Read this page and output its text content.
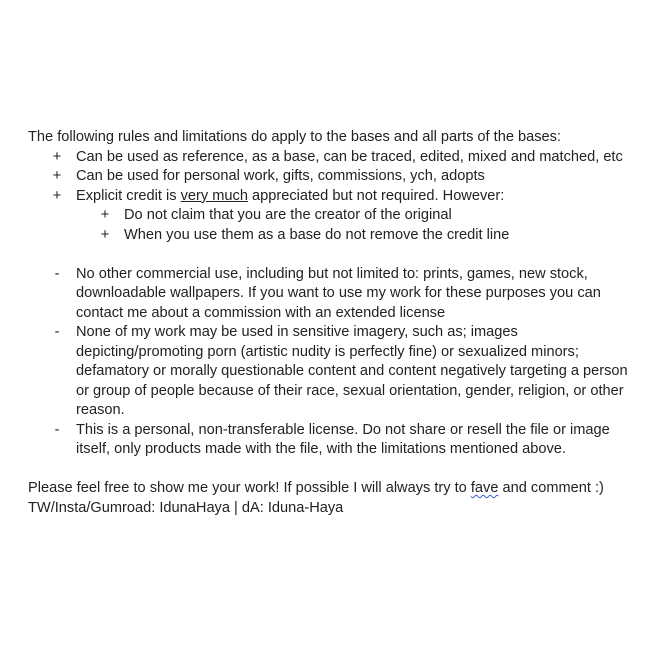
The following rules and limitations do apply to the bases and all parts of the bases:
+ Can be used as reference, as a base, can be traced, edited, mixed and matched, etc
+ Can be used for personal work, gifts, commissions, ych, adopts
+ Explicit credit is very much appreciated but not required. However:
+ Do not claim that you are the creator of the original
+ When you use them as a base do not remove the credit line
-	No other commercial use, including but not limited to: prints, games, new stock, downloadable wallpapers. If you want to use my work for these purposes you can contact me about a commission with an extended license
-	None of my work may be used in sensitive imagery, such as; images depicting/promoting porn (artistic nudity is perfectly fine) or sexualized minors; defamatory or morally questionable content and content negatively targeting a person or group of people because of their race, sexual orientation, gender, religion, or other reason.
-	This is a personal, non-transferable license. Do not share or resell the file or image itself, only products made with the file, with the limitations mentioned above.
Please feel free to show me your work! If possible I will always try to fave and comment :)
TW/Insta/Gumroad: IdunaHaya | dA: Iduna-Haya
